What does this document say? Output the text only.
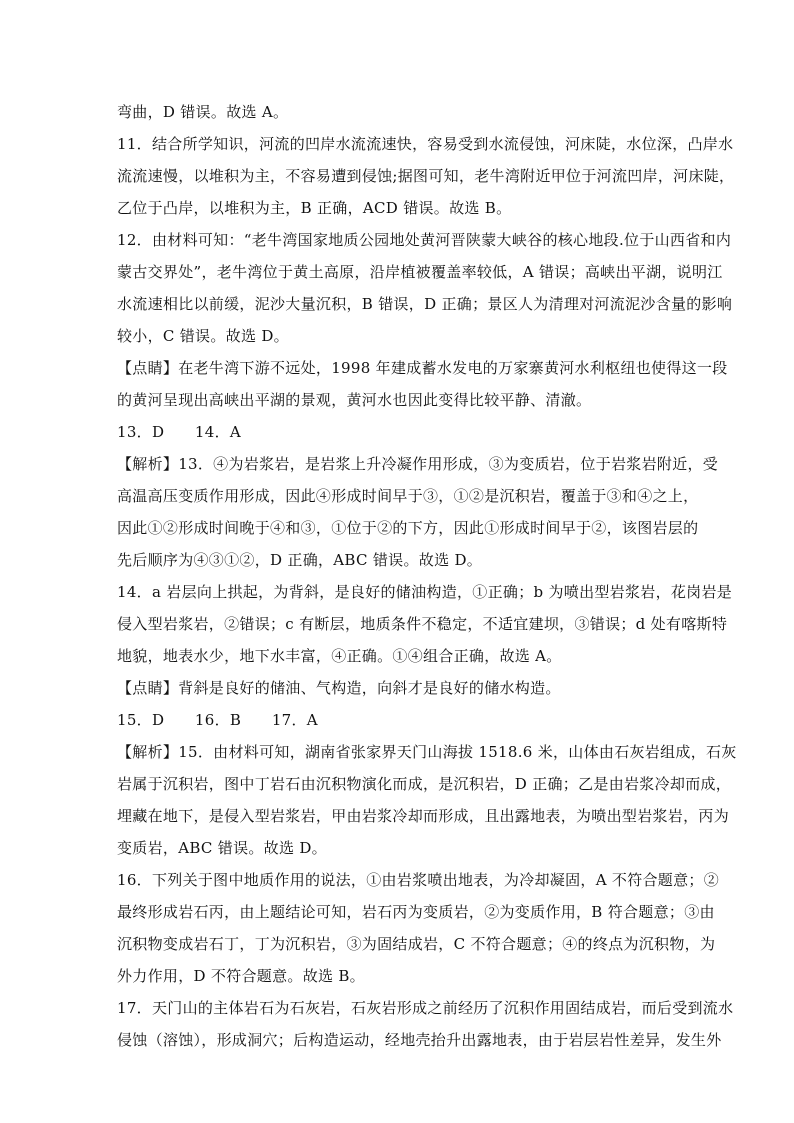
弯曲，D 错误。故选 A。
11．结合所学知识，河流的凹岸水流流速快，容易受到水流侵蚀，河床陡，水位深，凸岸水
流流速慢，以堆积为主，不容易遭到侵蚀;据图可知，老牛湾附近甲位于河流凹岸，河床陡，
乙位于凸岸，以堆积为主，B 正确，ACD 错误。故选 B。
12．由材料可知：“老牛湾国家地质公园地处黄河晋陕蒙大峡谷的核心地段.位于山西省和内
蒙古交界处”，老牛湾位于黄土高原，沿岸植被覆盖率较低，A 错误；高峡出平湖，说明江
水流速相比以前缓，泥沙大量沉积，B 错误，D 正确；景区人为清理对河流泥沙含量的影响
较小，C 错误。故选 D。
【点睛】在老牛湾下游不远处，1998 年建成蓄水发电的万家寨黄河水利枢纽也使得这一段
的黄河呈现出高峡出平湖的景观，黄河水也因此变得比较平静、清澈。
13．D　　14．A
【解析】13．④为岩浆岩，是岩浆上升冷凝作用形成，③为变质岩，位于岩浆岩附近，受
高温高压变质作用形成，因此④形成时间早于③，①②是沉积岩，覆盖于③和④之上，
因此①②形成时间晚于④和③，①位于②的下方，因此①形成时间早于②，该图岩层的
先后顺序为④③①②，D 正确，ABC 错误。故选 D。
14．a 岩层向上拱起，为背斜，是良好的储油构造，①正确；b 为喷出型岩浆岩，花岗岩是
侵入型岩浆岩，②错误；c 有断层，地质条件不稳定，不适宜建坝，③错误；d 处有喀斯特
地貌，地表水少，地下水丰富，④正确。①④组合正确，故选 A。
【点睛】背斜是良好的储油、气构造，向斜才是良好的储水构造。
15．D　　16．B　　17．A
【解析】15．由材料可知，湖南省张家界天门山海拔 1518.6 米，山体由石灰岩组成，石灰
岩属于沉积岩，图中丁岩石由沉积物演化而成，是沉积岩，D 正确；乙是由岩浆冷却而成，
埋藏在地下，是侵入型岩浆岩，甲由岩浆冷却而形成，且出露地表，为喷出型岩浆岩，丙为
变质岩，ABC 错误。故选 D。
16．下列关于图中地质作用的说法，①由岩浆喷出地表，为冷却凝固，A 不符合题意；②
最终形成岩石丙，由上题结论可知，岩石丙为变质岩，②为变质作用，B 符合题意；③由
沉积物变成岩石丁，丁为沉积岩，③为固结成岩，C 不符合题意；④的终点为沉积物，为
外力作用，D 不符合题意。故选 B。
17．天门山的主体岩石为石灰岩，石灰岩形成之前经历了沉积作用固结成岩，而后受到流水
侵蚀（溶蚀），形成洞穴；后构造运动，经地壳抬升出露地表，由于岩层岩性差异，发生外
